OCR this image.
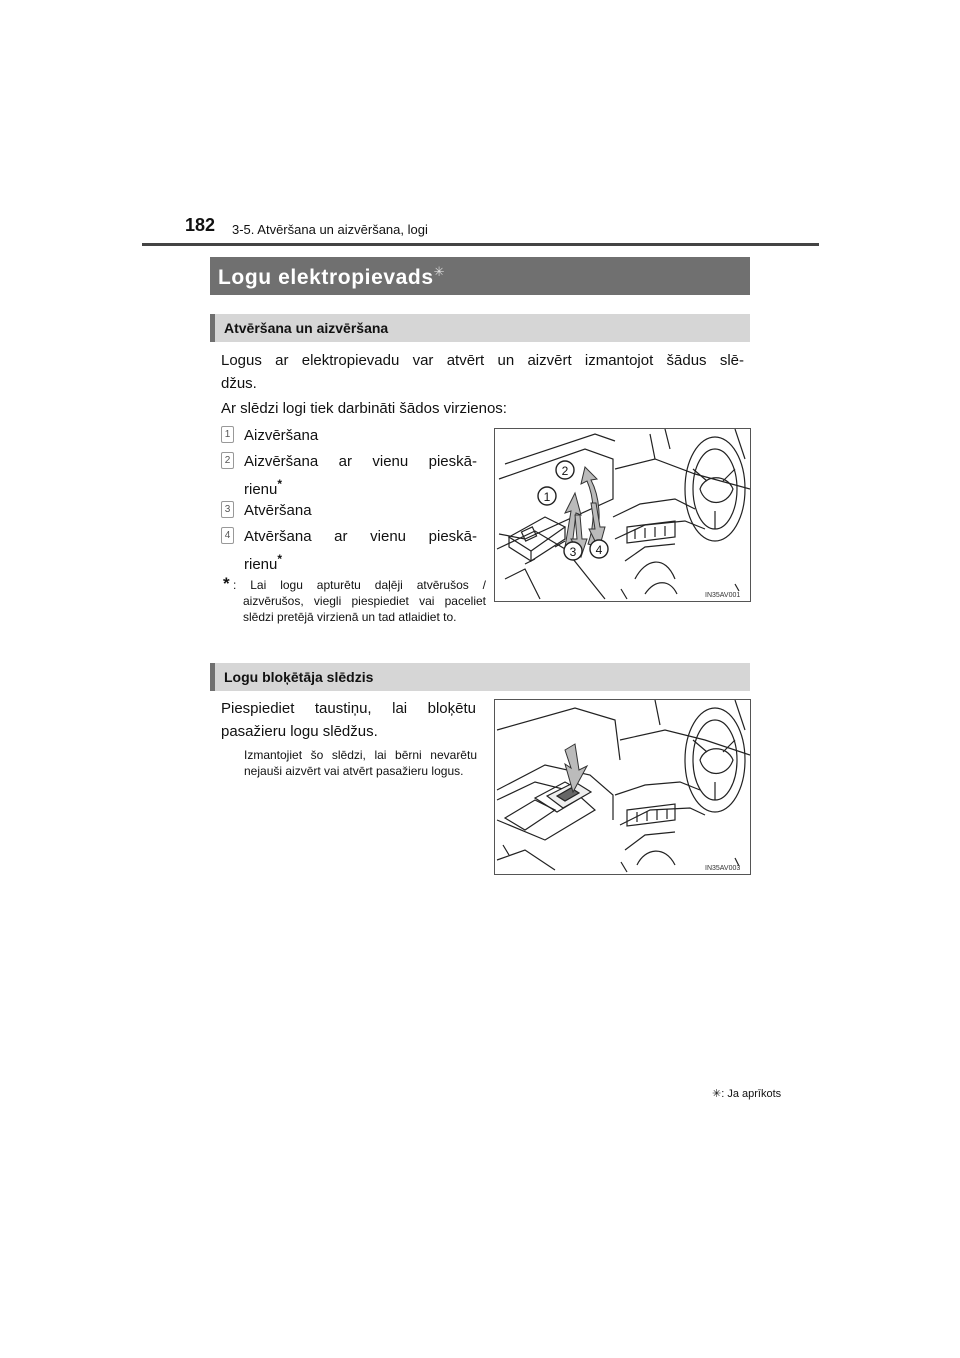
182 3-5. Atvēršana un aizvēršana, logi
Logu elektropievads✳
Atvēršana un aizvēršana
Logus ar elektropievadu var atvērt un aizvērt izmantojot šādus slē-
džus.
Ar slēdzi logi tiek darbināti šādos virzienos:
1 Aizvēršana
2 Aizvēršana ar vienu pieskā-
rienu*
3 Atvēršana
4 Atvēršana ar vienu pieskā-
rienu*
* : Lai logu apturētu daļēji atvērušos / aizvērušos, viegli piespiediet vai paceliet slēdzi pretējā virzienā un tad atlaidiet to.
2
1
3 4
IN35AV001
Logu bloķētāja slēdzis
Piespiediet taustiņu, lai bloķētu
pasažieru logu slēdžus.
Izmantojiet šo slēdzi, lai bērni nevarētu nejauši aizvērt vai atvērt pasažieru logus.
IN35AV003
✳: Ja aprīkots
